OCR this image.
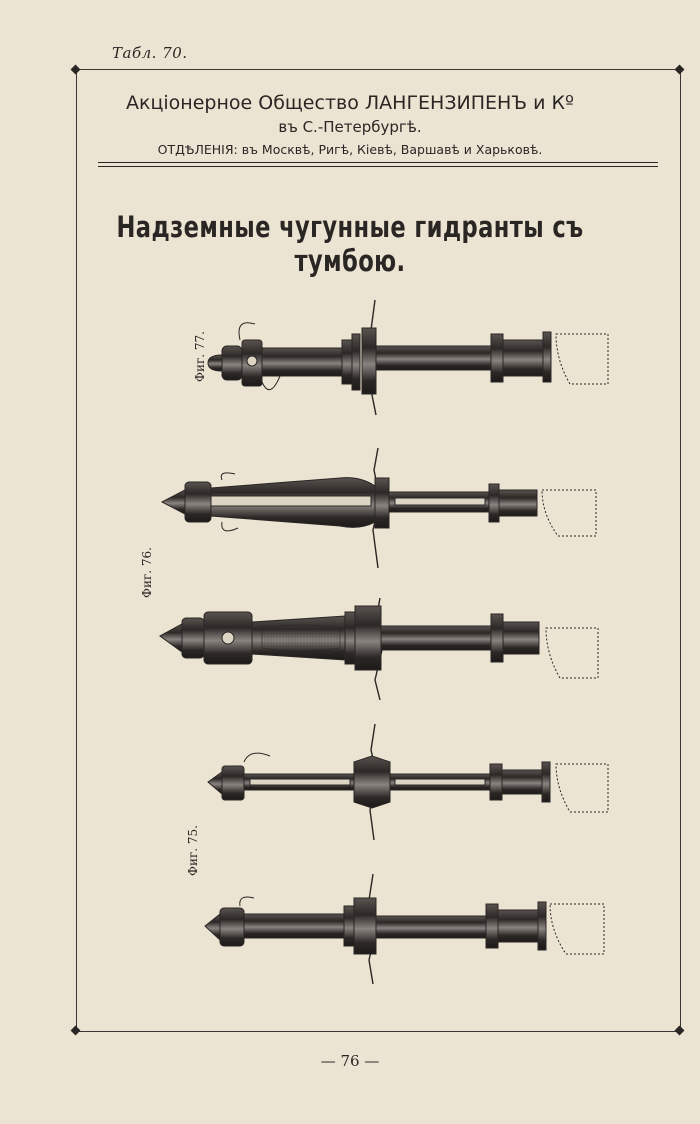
Табл. 70.
Акціонерное Общество ЛАНГЕНЗИПЕНЪ и Кº
въ С.-Петербургѣ.
ОТДѢЛЕНІЯ: въ Москвѣ, Ригѣ, Кіевѣ, Варшавѣ и Харьковѣ.
Надземные чугунные гидранты съ тумбою.
Фиг. 77.
Фиг. 76.
Фиг. 75.
— 76 —
